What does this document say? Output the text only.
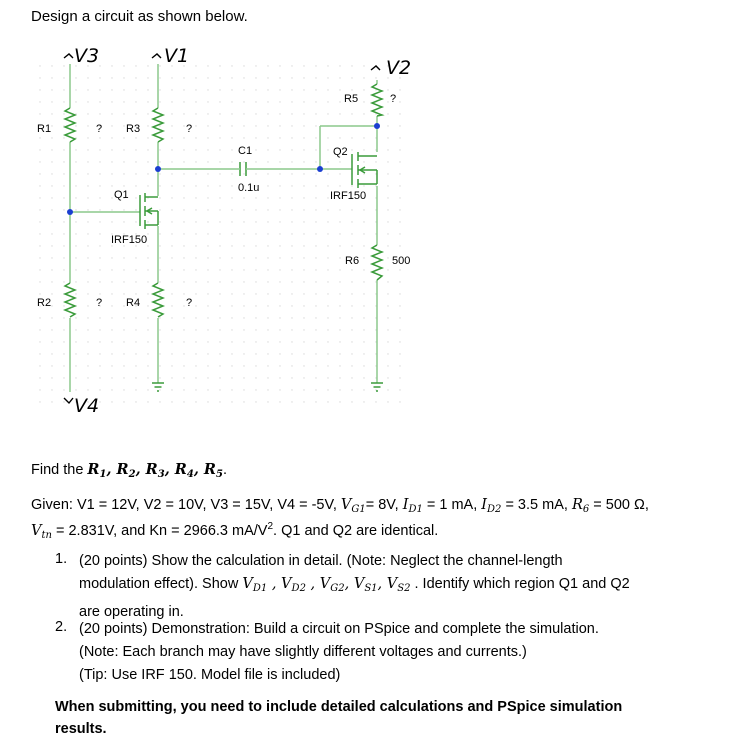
Design a circuit as shown below.
V3	V1
V2
V4
R1	? R3	?
R5	?
R2	? R4	?
R6	500
C1
0.1u
Q1
IRF150
Q2
IRF150
Find the $R_1$, $R_2$, $R_3$, $R_4$, $R_5$.
Given: V1 = 12V, V2 = 10V, V3 = 15V, V4 = -5V, $V_{G1}= 8V$, $I_{D1} = 1$ mA, $I_{D2} = 3.5$ mA, $R_6 = 500$ Ω,
$V_{tn} = 2.831V$, and Kn = 2966.3 $mA/V^2$. Q1 and Q2 are identical.
1. (20 points) Show the calculation in detail. (Note: Neglect the channel-length
modulation effect). Show $V_{D1}$ , $V_{D2}$ , $V_{G2}$, $V_{S1}$, $V_{S2}$ . Identify which region Q1 and Q2
are operating in.
2. (20 points) Demonstration: Build a circuit on PSpice and complete the simulation.
(Note: Each branch may have slightly different voltages and currents.)
(Tip: Use IRF 150. Model file is included)
When submitting, you need to include detailed calculations and PSpice simulation
results.
